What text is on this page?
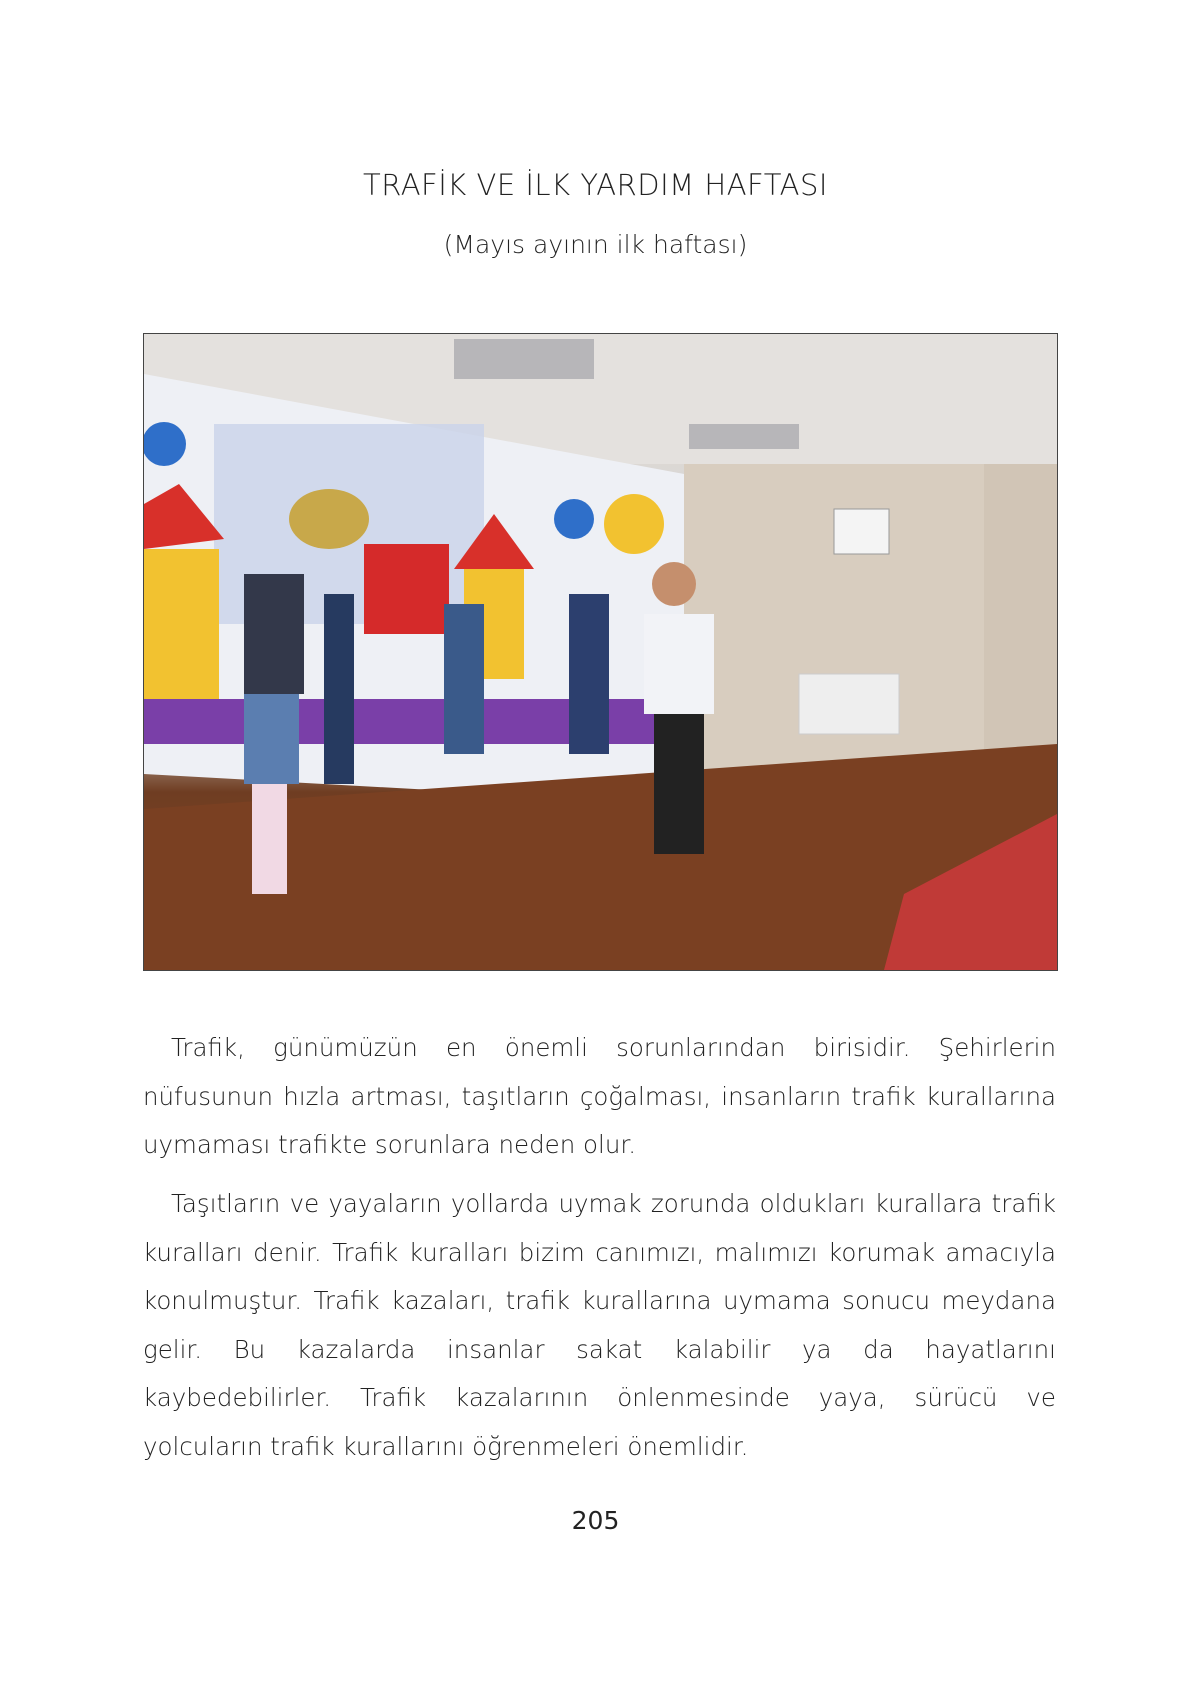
TRAFİK VE İLK YARDIM HAFTASI
(Mayıs ayının ilk haftası)
Trafik, günümüzün en önemli sorunlarından birisidir. Şehirlerin nüfusunun hızla artması, taşıtların çoğalması, insanların trafik kurallarına uymaması trafikte sorunlara neden olur.
Taşıtların ve yayaların yollarda uymak zorunda oldukları kurallara trafik kuralları denir. Trafik kuralları bizim canımızı, malımızı korumak amacıyla konulmuştur. Trafik kazaları, trafik kurallarına uymama sonucu meydana gelir. Bu kazalarda insanlar sakat kalabilir ya da hayatlarını kaybedebilirler. Trafik kazalarının önlenmesinde yaya, sürücü ve yolcuların trafik kurallarını öğrenmeleri önemlidir.
205
